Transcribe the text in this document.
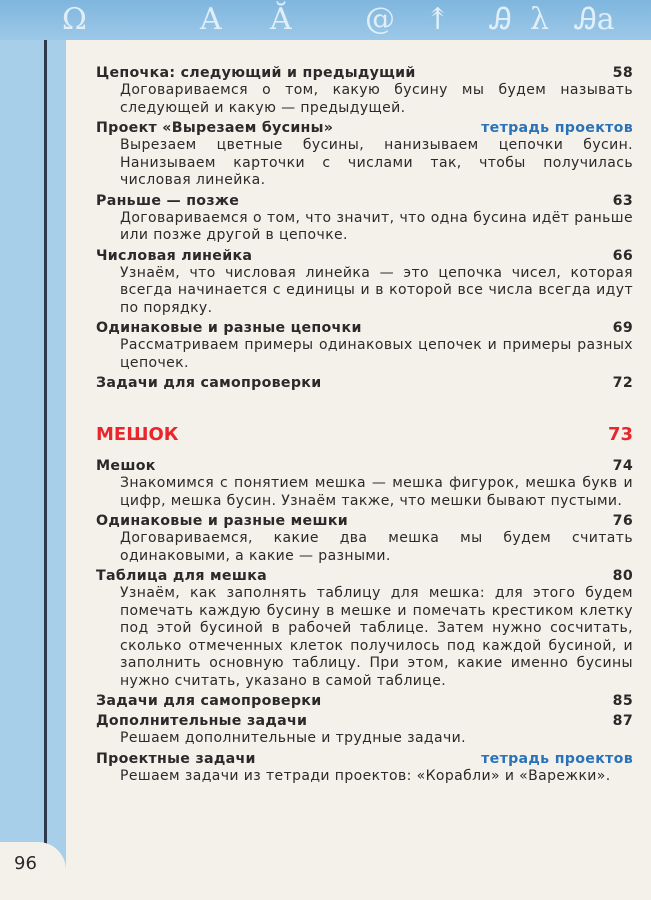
Ω	A Ă @ ↟ Ꭿ λ Ꭿa
96
Цепочка: следующий и предыдущий	58
Договариваемся о том, какую бусину мы будем называть следующей и какую — предыдущей.
Проект «Вырезаем бусины»	тетрадь проектов
Вырезаем цветные бусины, нанизываем цепочки бусин. Нанизываем карточки с числами так, чтобы получилась числовая линейка.
Раньше — позже	63
Договариваемся о том, что значит, что одна бусина идёт раньше или позже другой в цепочке.
Числовая линейка	66
Узнаём, что числовая линейка — это цепочка чисел, которая всегда начинается с единицы и в которой все числа всегда идут по порядку.
Одинаковые и разные цепочки	69
Рассматриваем примеры одинаковых цепочек и примеры разных цепочек.
Задачи для самопроверки	72
МЕШОК	73
Мешок	74
Знакомимся с понятием мешка — мешка фигурок, мешка букв и цифр, мешка бусин. Узнаём также, что мешки бывают пустыми.
Одинаковые и разные мешки	76
Договариваемся, какие два мешка мы будем считать одинаковыми, а какие — разными.
Таблица для мешка	80
Узнаём, как заполнять таблицу для мешка: для этого будем помечать каждую бусину в мешке и помечать крестиком клетку под этой бусиной в рабочей таблице. Затем нужно сосчитать, сколько отмеченных клеток получилось под каждой бусиной, и заполнить основную таблицу. При этом, какие именно бусины нужно считать, указано в самой таблице.
Задачи для самопроверки	85
Дополнительные задачи	87
Решаем дополнительные и трудные задачи.
Проектные задачи	тетрадь проектов
Решаем задачи из тетради проектов: «Корабли» и «Варежки».
